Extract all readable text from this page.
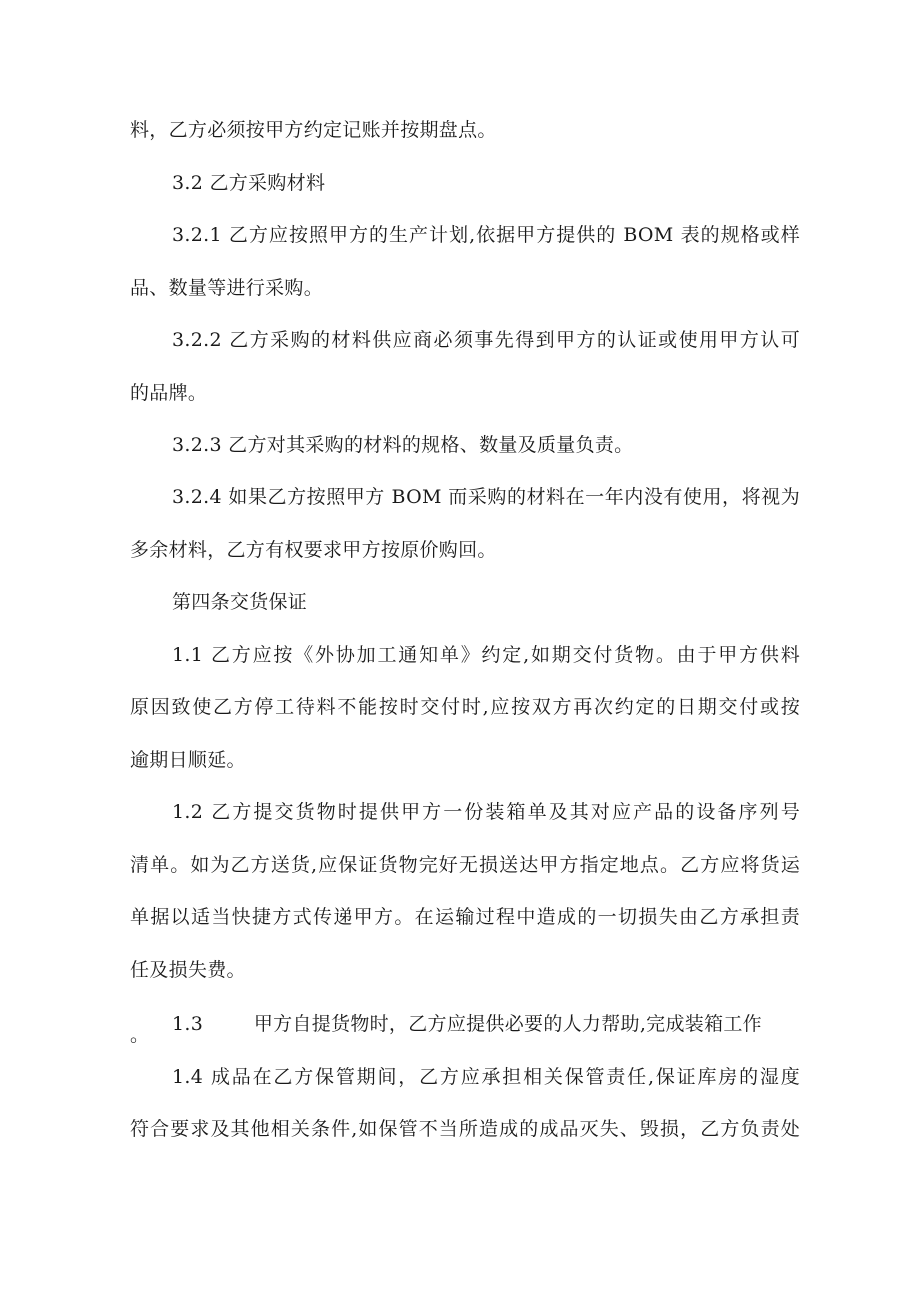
料，乙方必须按甲方约定记账并按期盘点。
3.2 乙方采购材料
3.2.1 乙方应按照甲方的生产计划,依据甲方提供的 BOM 表的规格或样
品、数量等进行采购。
3.2.2 乙方采购的材料供应商必须事先得到甲方的认证或使用甲方认可
的品牌。
3.2.3 乙方对其采购的材料的规格、数量及质量负责。
3.2.4 如果乙方按照甲方 BOM 而采购的材料在一年内没有使用，将视为
多余材料，乙方有权要求甲方按原价购回。
第四条交货保证
1.1 乙方应按《外协加工通知单》约定,如期交付货物。由于甲方供料
原因致使乙方停工待料不能按时交付时,应按双方再次约定的日期交付或按
逾期日顺延。
1.2 乙方提交货物时提供甲方一份装箱单及其对应产品的设备序列号
清单。如为乙方送货,应保证货物完好无损送达甲方指定地点。乙方应将货运
单据以适当快捷方式传递甲方。在运输过程中造成的一切损失由乙方承担责
任及损失费。
1.3        甲方自提货物时，乙方应提供必要的人力帮助,完成装箱工作
。
1.4 成品在乙方保管期间，乙方应承担相关保管责任,保证库房的湿度
符合要求及其他相关条件,如保管不当所造成的成品灭失、毁损，乙方负责处
